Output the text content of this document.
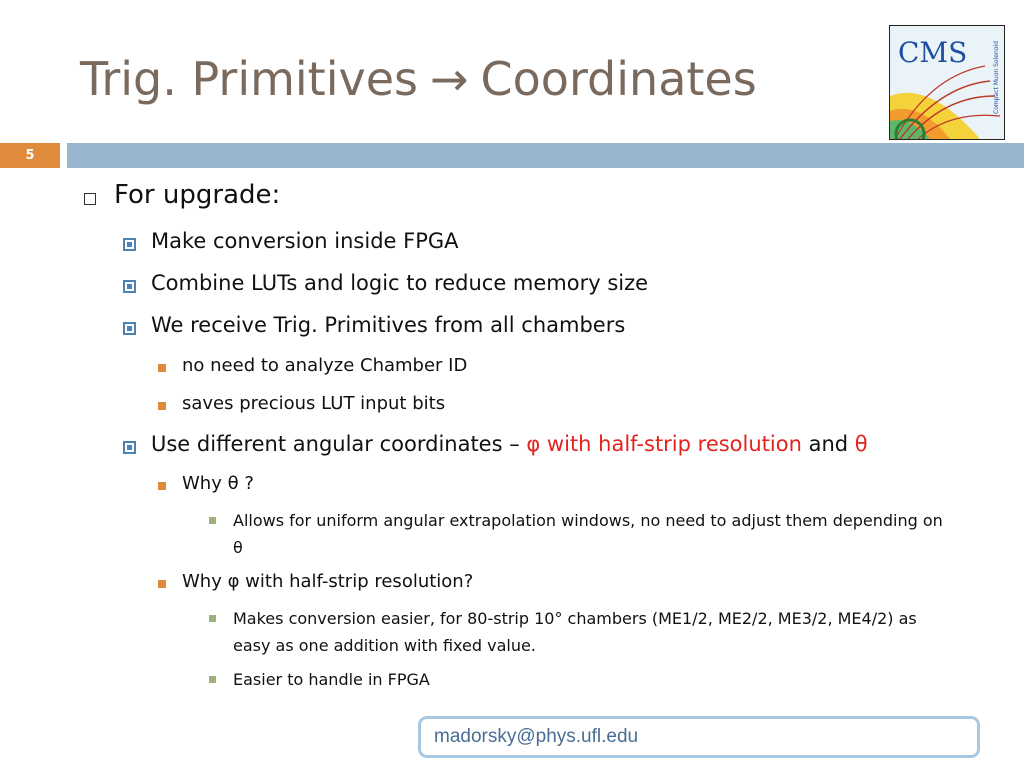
Trig. Primitives → Coordinates	CMS	Compact Muon Solenoid
5
For upgrade:
Make conversion inside FPGA
Combine LUTs and logic to reduce memory size
We receive Trig. Primitives from all chambers
no need to analyze Chamber ID
saves precious LUT input bits
Use different angular coordinates – φ with half-strip resolution and θ
Why θ ?
Allows for uniform angular extrapolation windows, no need to adjust them depending on θ
Why φ with half-strip resolution?
Makes conversion easier, for 80-strip 10° chambers (ME1/2, ME2/2, ME3/2, ME4/2) as easy as one addition with fixed value.
Easier to handle in FPGA
madorsky@phys.ufl.edu
